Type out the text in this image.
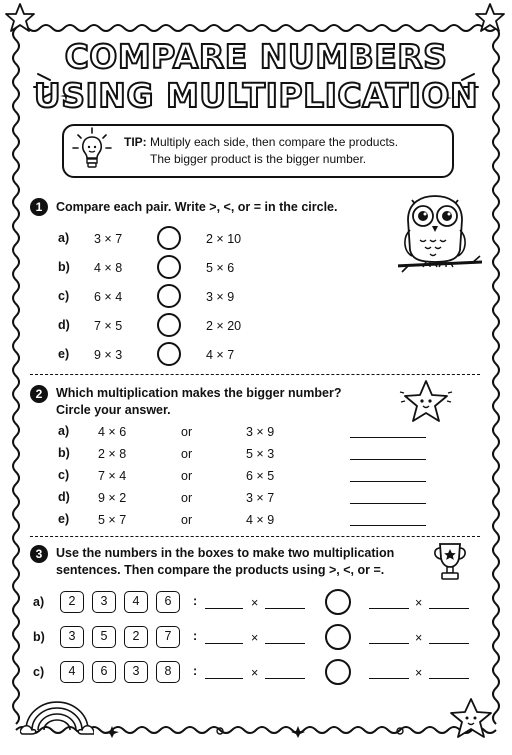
COMPARE NUMBERS
USING MULTIPLICATION
TIP: Multiply each side, then compare the products.
The bigger product is the bigger number.
1	Compare each pair. Write >, <, or = in the circle.
a) 3 × 7	2 × 10
b) 4 × 8	5 × 6
c) 6 × 4	3 × 9
d) 7 × 5	2 × 20
e) 9 × 3	4 × 7
2	Which multiplication makes the bigger number?
Circle your answer.
a) 4 × 6	or	3 × 9
b) 2 × 8	or	5 × 3
c) 7 × 4	or	6 × 5
d) 9 × 2	or	3 × 7
e) 5 × 7	or	4 × 9
3	Use the numbers in the boxes to make two multiplication
sentences. Then compare the products using >, <, or =.
a)	2	3	4	6	:	×	×
b)	3	5	2	7	:	×	×
c)	4	6	3	8	:	×	×
